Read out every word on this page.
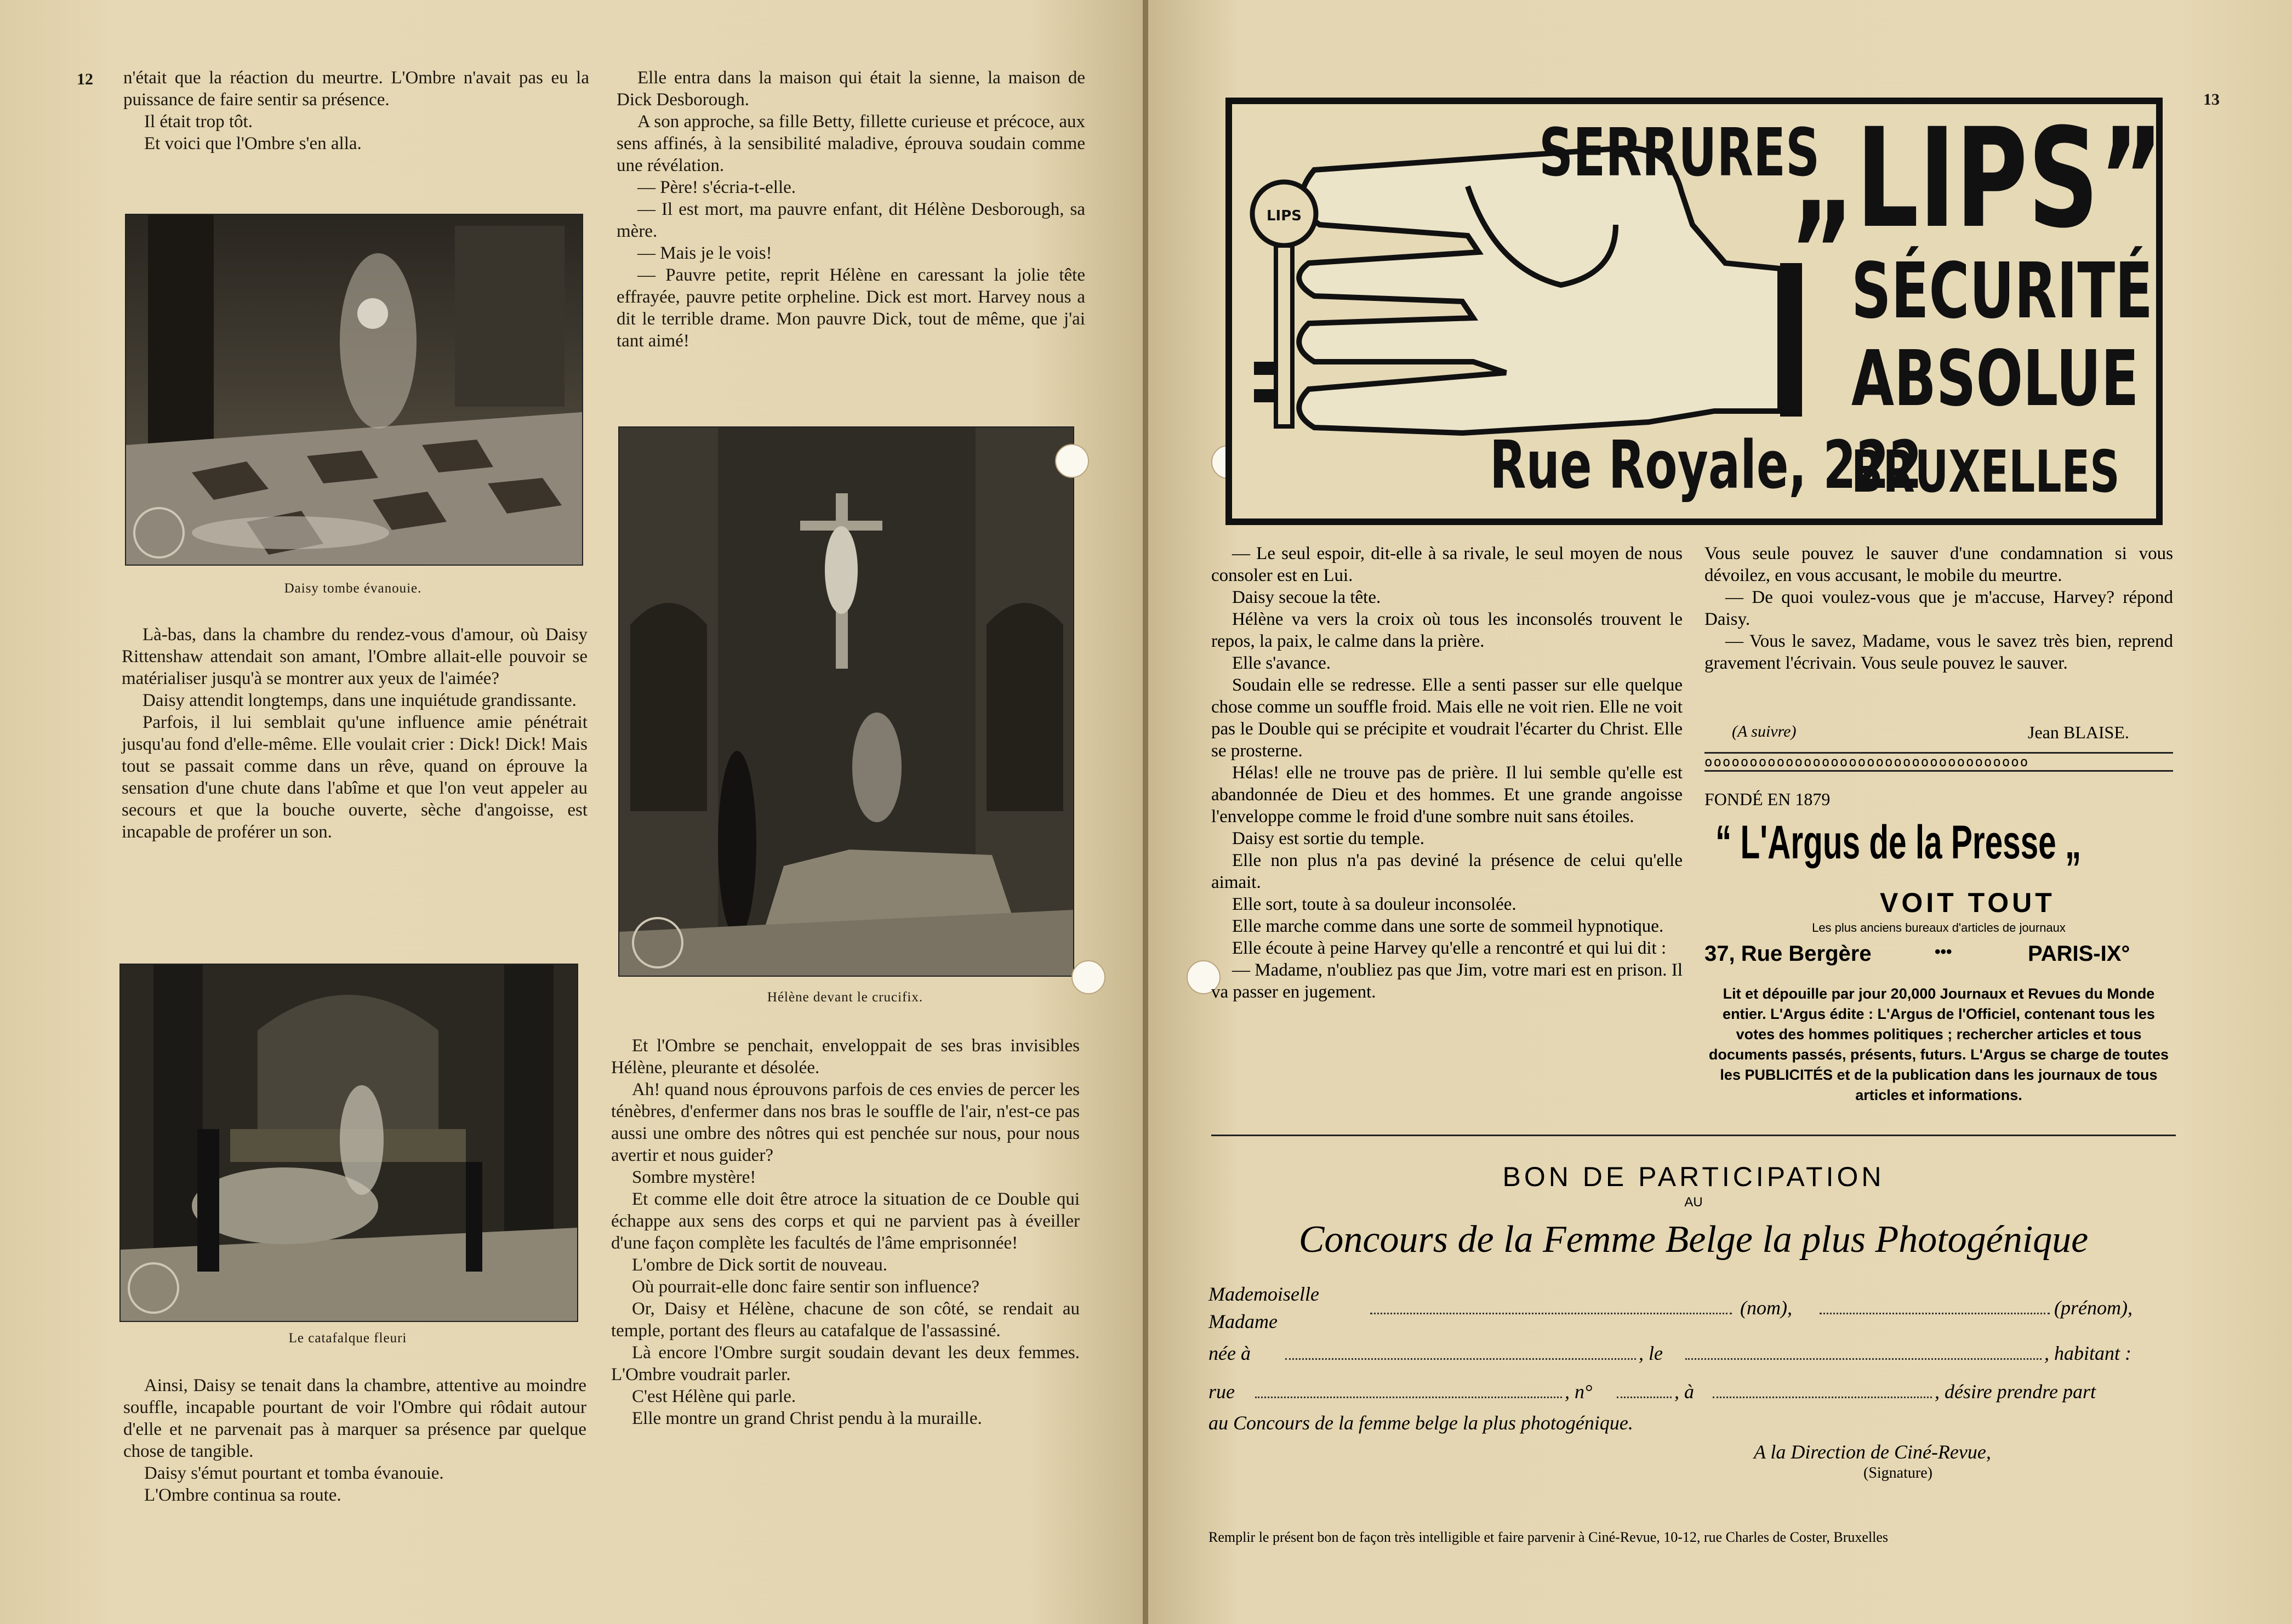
12 n'était que la réaction du meurtre. L'Ombre n'avait pas eu la puissance de faire sentir sa présence.

Il était trop tôt.

Et voici que l'Ombre s'en alla.

Daisy tombe évanouie.

Là-bas, dans la chambre du rendez-vous d'amour, où Daisy Rittenshaw attendait son amant, l'Ombre allait-elle pouvoir se matérialiser jusqu'à se montrer aux yeux de l'aimée?

Daisy attendit longtemps, dans une inquiétude grandissante.

Parfois, il lui semblait qu'une influence amie pénétrait jusqu'au fond d'elle-même. Elle voulait crier : Dick! Dick! Mais tout se passait comme dans un rêve, quand on éprouve la sensation d'une chute dans l'abîme et que l'on veut appeler au secours et que la bouche ouverte, sèche d'angoisse, est incapable de proférer un son.

Le catafalque fleuri

Ainsi, Daisy se tenait dans la chambre, attentive au moindre souffle, incapable pourtant de voir l'Ombre qui rôdait autour d'elle et ne parvenait pas à marquer sa présence par quelque chose de tangible.

Daisy s'émut pourtant et tomba évanouie.

L'Ombre continua sa route.

Elle entra dans la maison qui était la sienne, la maison de Dick Desborough.

A son approche, sa fille Betty, fillette curieuse et précoce, aux sens affinés, à la sensibilité maladive, éprouva soudain comme une révélation.

— Père! s'écria-t-elle.

— Il est mort, ma pauvre enfant, dit Hélène Desborough, sa mère.

— Mais je le vois!

— Pauvre petite, reprit Hélène en caressant la jolie tête effrayée, pauvre petite orpheline. Dick est mort. Harvey nous a dit le terrible drame. Mon pauvre Dick, tout de même, que j'ai tant aimé!

Hélène devant le crucifix.

Et l'Ombre se penchait, enveloppait de ses bras invisibles Hélène, pleurante et désolée.

Ah! quand nous éprouvons parfois de ces envies de percer les ténèbres, d'enfermer dans nos bras le souffle de l'air, n'est-ce pas aussi une ombre des nôtres qui est penchée sur nous, pour nous avertir et nous guider?

Sombre mystère!

Et comme elle doit être atroce la situation de ce Double qui échappe aux sens des corps et qui ne parvient pas à éveiller d'une façon complète les facultés de l'âme emprisonnée!

L'ombre de Dick sortit de nouveau.

Où pourrait-elle donc faire sentir son influence?

Or, Daisy et Hélène, chacune de son côté, se rendait au temple, portant des fleurs au catafalque de l'assassiné.

Là encore l'Ombre surgit soudain devant les deux femmes. L'Ombre voudrait parler.

C'est Hélène qui parle.

Elle montre un grand Christ pendu à la muraille.

13
LIPS
SERRURES
„LIPS”
SÉCURITÉ
ABSOLUE
Rue Royale, 222
BRUXELLES

— Le seul espoir, dit-elle à sa rivale, le seul moyen de nous consoler est en Lui.

Daisy secoue la tête.

Hélène va vers la croix où tous les inconsolés trouvent le repos, la paix, le calme dans la prière.

Elle s'avance.

Soudain elle se redresse. Elle a senti passer sur elle quelque chose comme un souffle froid. Mais elle ne voit rien. Elle ne voit pas le Double qui se précipite et voudrait l'écarter du Christ. Elle se prosterne.

Hélas! elle ne trouve pas de prière. Il lui semble qu'elle est abandonnée de Dieu et des hommes. Et une grande angoisse l'enveloppe comme le froid d'une sombre nuit sans étoiles.

Daisy est sortie du temple.

Elle non plus n'a pas deviné la présence de celui qu'elle aimait.

Elle sort, toute à sa douleur inconsolée.

Elle marche comme dans une sorte de sommeil hypnotique.

Elle écoute à peine Harvey qu'elle a rencontré et qui lui dit :

— Madame, n'oubliez pas que Jim, votre mari est en prison. Il va passer en jugement.

Vous seule pouvez le sauver d'une condamnation si vous dévoilez, en vous accusant, le mobile du meurtre.

— De quoi voulez-vous que je m'accuse, Harvey? répond Daisy.

— Vous le savez, Madame, vous le savez très bien, reprend gravement l'écrivain. Vous seule pouvez le sauver.

(A suivre)	Jean BLAISE.
oooooooooooooooooooooooooooooooooooo
FONDÉ EN 1879
“ L'Argus de la Presse „
VOIT TOUT
Les plus anciens bureaux d'articles de journaux
37, Rue Bergère	•••	PARIS-IX°
Lit et dépouille par jour 20,000 Journaux et Revues du Monde entier. L'Argus édite : L'Argus de l'Officiel, contenant tous les votes des hommes politiques ; rechercher articles et tous documents passés, présents, futurs. L'Argus se charge de toutes les PUBLICITÉS et de la publication dans les journaux de tous articles et informations.
BON DE PARTICIPATION
AU
Concours de la Femme Belge la plus Photogénique
Mademoiselle
Madame
(nom),	(prénom),
née à	, le	, habitant :
rue	, n°	, à	, désire prendre part
au Concours de la femme belge la plus photogénique.
A la Direction de Ciné-Revue,
(Signature)
Remplir le présent bon de façon très intelligible et faire parvenir à Ciné-Revue, 10-12, rue Charles de Coster, Bruxelles
